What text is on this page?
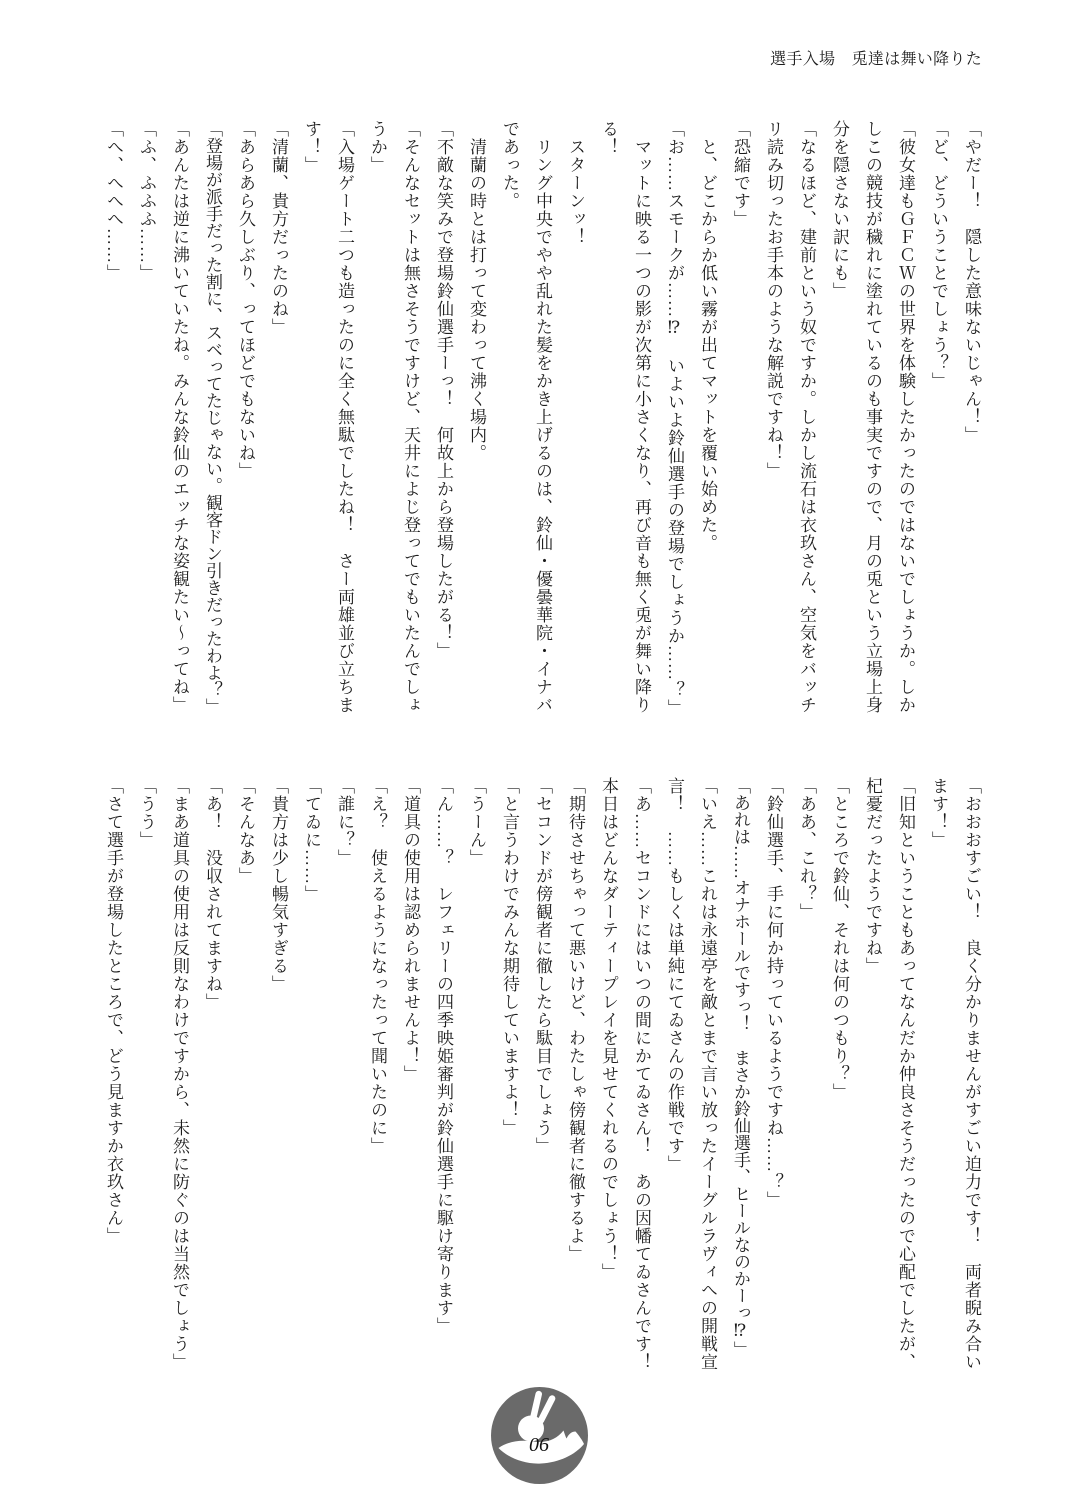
選手入場　兎達は舞い降りた

「やだー！　隠した意味ないじゃん！」

「ど、どういうことでしょう？」

「彼女達もＧＦＣＷの世界を体験したかったのではないでしょうか。しかしこの競技が穢れに塗れているのも事実ですので、月の兎という立場上身分を隠さない訳にも」

「なるほど、建前という奴ですか。しかし流石は衣玖さん、空気をバッチリ読み切ったお手本のような解説ですね！」

「恐縮です」

と、どこからか低い霧が出てマットを覆い始めた。

「お……スモークが……⁉︎　いよいよ鈴仙選手の登場でしょうか……？」

マットに映る一つの影が次第に小さくなり、再び音も無く兎が舞い降りる！

スターンッ！

リング中央でやや乱れた髪をかき上げるのは、鈴仙・優曇華院・イナバであった。

清蘭の時とは打って変わって沸く場内。

「不敵な笑みで登場鈴仙選手ーっ！　何故上から登場したがる！」

「そんなセットは無さそうですけど、天井によじ登ってでもいたんでしょうか」

「入場ゲート二つも造ったのに全く無駄でしたね！　さー両雄並び立ちます！」

「清蘭、貴方だったのね」

「あらあら久しぶり、ってほどでもないね」

「登場が派手だった割に、スベってたじゃない。観客ドン引きだったわよ？」

「あんたは逆に沸いていたね。みんな鈴仙のエッチな姿観たい〜ってね」

「ふ、ふふふ……」

「へ、へへへ……」

「おおおすごい！　良く分かりませんがすごい迫力です！　両者睨み合います！」

「旧知ということもあってなんだか仲良さそうだったので心配でしたが、杞憂だったようですね」

「ところで鈴仙、それは何のつもり？」

「ああ、これ？」

「鈴仙選手、手に何か持っているようですね……？」

「あれは……オナホールですっ！　まさか鈴仙選手、ヒールなのかーっ⁉︎」

「いえ……これは永遠亭を敵とまで言い放ったイーグルラヴィへの開戦宣言！　……もしくは単純にてゐさんの作戦です」

「あ……セコンドにはいつの間にかてゐさん！　あの因幡てゐさんです！本日はどんなダーティープレイを見せてくれるのでしょう！」

「期待させちゃって悪いけど、わたしゃ傍観者に徹するよ」

「セコンドが傍観者に徹したら駄目でしょう」

「と言うわけでみんな期待していますよ！」

「うーん」

「ん……？　レフェリーの四季映姫審判が鈴仙選手に駆け寄ります」

「道具の使用は認められませんよ！」

「え？　使えるようになったって聞いたのに」

「誰に？」

「てゐに……」

「貴方は少し暢気すぎる」

「そんなあ」

「あ！　没収されてますね」

「まあ道具の使用は反則なわけですから、未然に防ぐのは当然でしょう」

「うう」

「さて選手が登場したところで、どう見ますか衣玖さん」

06
